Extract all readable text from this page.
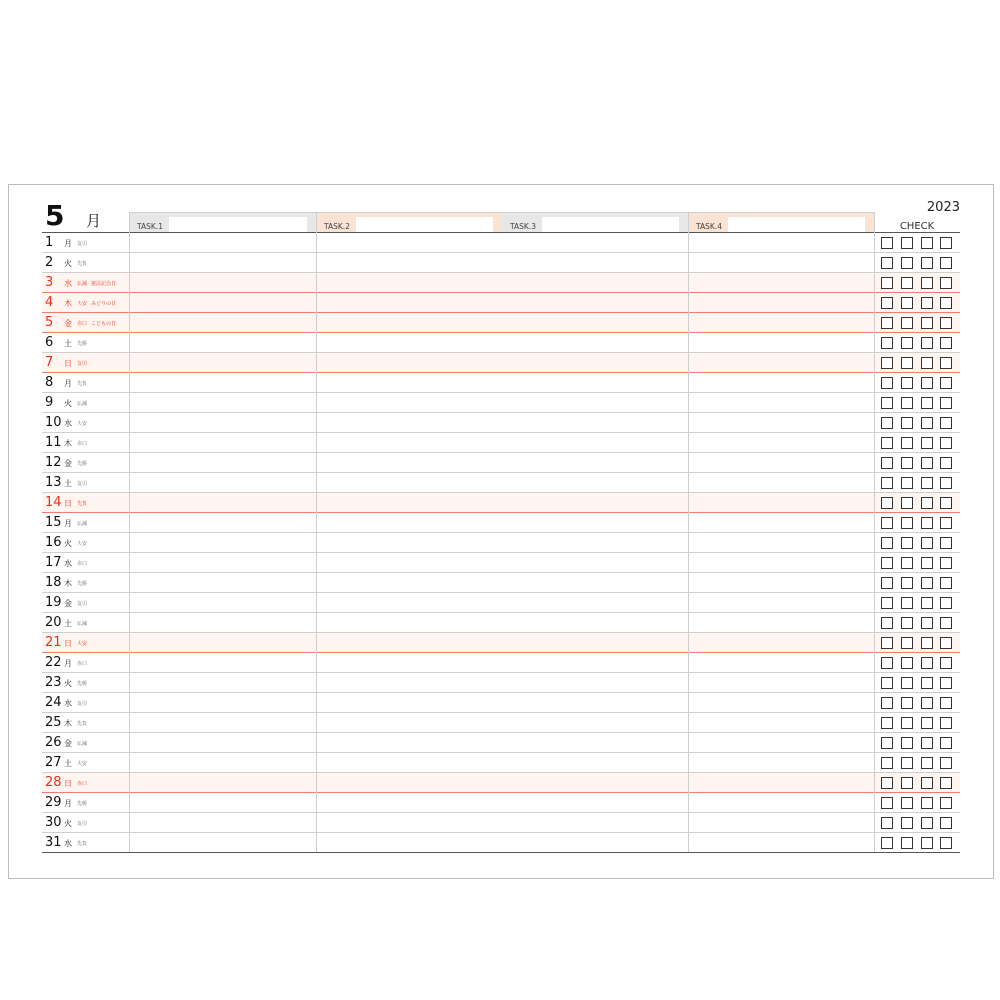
5 月
2023
TASK.1	TASK.2	TASK.3	TASK.4	CHECK
1 月 友引
2 火 先負
3 水 仏滅 憲法記念日
4 木 大安 みどりの日
5 金 赤口 こどもの日
6 土 先勝
7 日 友引
8 月 先負
9 火 仏滅
10 水 大安
11 木 赤口
12 金 先勝
13 土 友引
14 日 先負
15 月 仏滅
16 火 大安
17 水 赤口
18 木 先勝
19 金 友引
20 土 仏滅
21 日 大安
22 月 赤口
23 火 先勝
24 水 友引
25 木 先負
26 金 仏滅
27 土 大安
28 日 赤口
29 月 先勝
30 火 友引
31 水 先負
